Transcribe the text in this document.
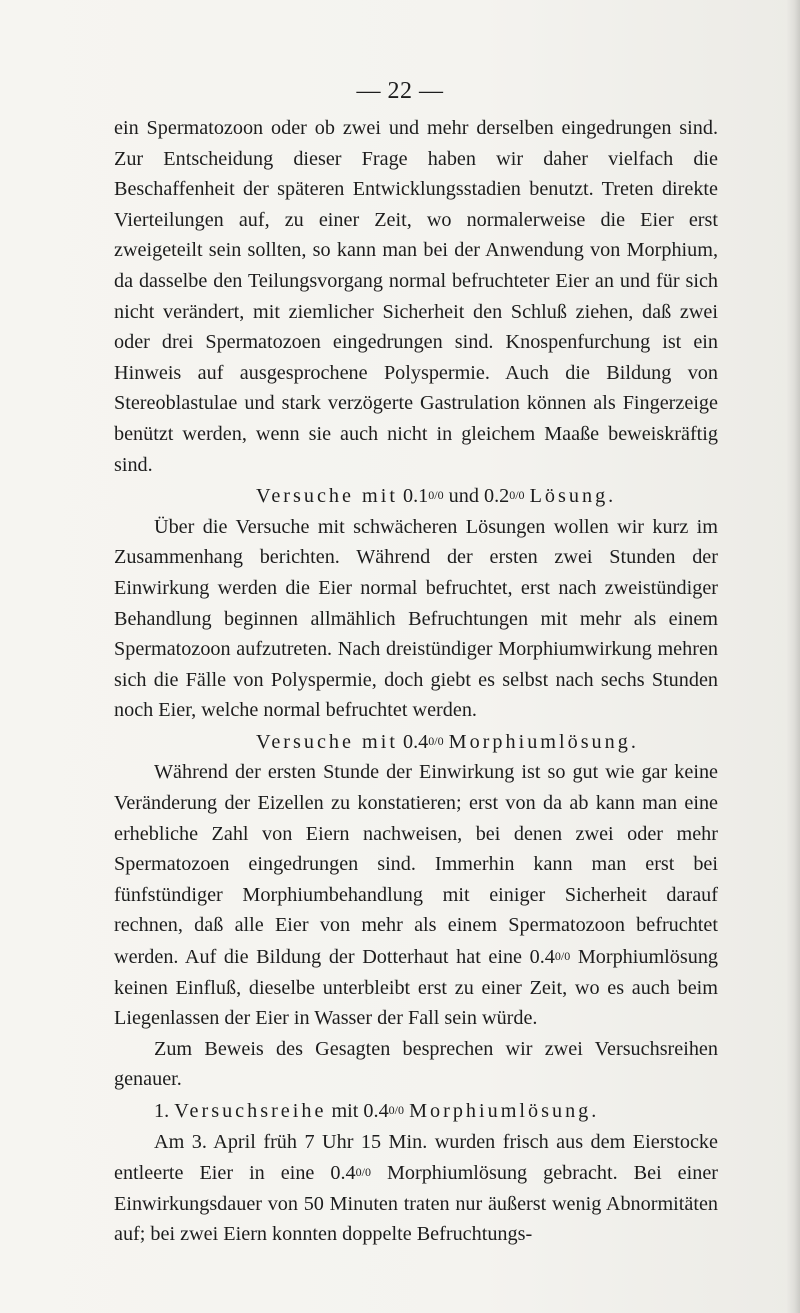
— 22 —

ein Spermatozoon oder ob zwei und mehr derselben eingedrungen sind. Zur Entscheidung dieser Frage haben wir daher vielfach die Beschaffenheit der späteren Entwicklungsstadien benutzt. Treten direkte Vierteilungen auf, zu einer Zeit, wo normalerweise die Eier erst zweigeteilt sein sollten, so kann man bei der Anwendung von Morphium, da dasselbe den Teilungsvorgang normal befruchteter Eier an und für sich nicht verändert, mit ziemlicher Sicherheit den Schluß ziehen, daß zwei oder drei Spermatozoen eingedrungen sind. Knospenfurchung ist ein Hinweis auf ausgesprochene Polyspermie. Auch die Bildung von Stereoblastulae und stark verzögerte Gastrulation können als Fingerzeige benützt werden, wenn sie auch nicht in gleichem Maaße beweiskräftig sind.

Versuche mit 0.10/0 und 0.20/0 Lösung.

Über die Versuche mit schwächeren Lösungen wollen wir kurz im Zusammenhang berichten. Während der ersten zwei Stunden der Einwirkung werden die Eier normal befruchtet, erst nach zweistündiger Behandlung beginnen allmählich Befruchtungen mit mehr als einem Spermatozoon aufzutreten. Nach dreistündiger Morphiumwirkung mehren sich die Fälle von Polyspermie, doch giebt es selbst nach sechs Stunden noch Eier, welche normal befruchtet werden.

Versuche mit 0.40/0 Morphiumlösung.

Während der ersten Stunde der Einwirkung ist so gut wie gar keine Veränderung der Eizellen zu konstatieren; erst von da ab kann man eine erhebliche Zahl von Eiern nachweisen, bei denen zwei oder mehr Spermatozoen eingedrungen sind. Immerhin kann man erst bei fünfstündiger Morphiumbehandlung mit einiger Sicherheit darauf rechnen, daß alle Eier von mehr als einem Spermatozoon befruchtet werden. Auf die Bildung der Dotterhaut hat eine 0.40/0 Morphiumlösung keinen Einfluß, dieselbe unterbleibt erst zu einer Zeit, wo es auch beim Liegenlassen der Eier in Wasser der Fall sein würde.

Zum Beweis des Gesagten besprechen wir zwei Versuchsreihen genauer.

1. Versuchsreihe mit 0.40/0 Morphiumlösung.

Am 3. April früh 7 Uhr 15 Min. wurden frisch aus dem Eierstocke entleerte Eier in eine 0.40/0 Morphiumlösung gebracht. Bei einer Einwirkungsdauer von 50 Minuten traten nur äußerst wenig Abnormitäten auf; bei zwei Eiern konnten doppelte Befruchtungs-
